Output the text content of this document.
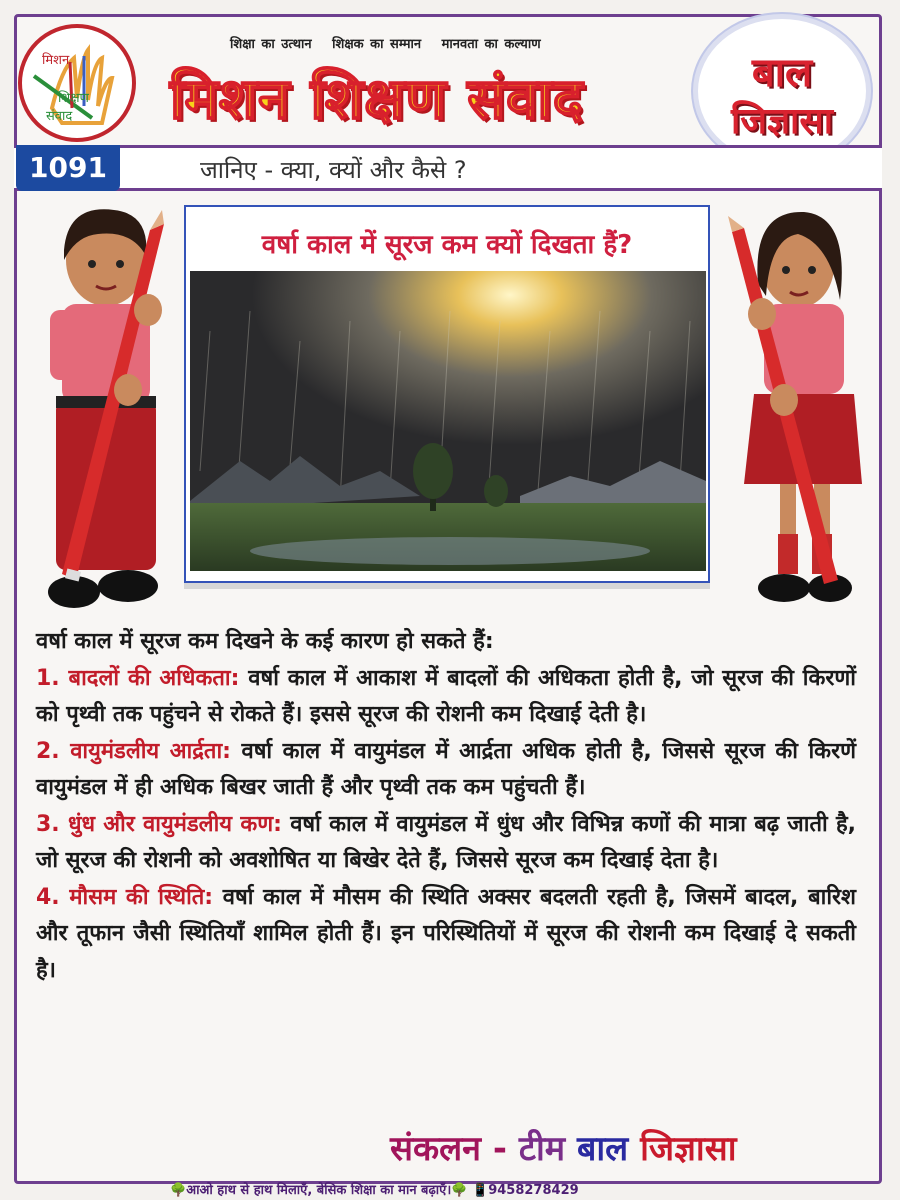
मिशन
शिक्षण
संवाद
शिक्षा का उत्थान शिक्षक का सम्मान मानवता का कल्याण
मिशन शिक्षण संवाद	बाल
जिज्ञासा
1091	जानिए - क्या, क्यों और कैसे ?
वर्षा काल में सूरज कम क्यों दिखता हैं?

वर्षा काल में सूरज कम दिखने के कई कारण हो सकते हैं:

1. बादलों की अधिकता: वर्षा काल में आकाश में बादलों की अधिकता होती है, जो सूरज की किरणों को पृथ्वी तक पहुंचने से रोकते हैं। इससे सूरज की रोशनी कम दिखाई देती है।

2. वायुमंडलीय आर्द्रता: वर्षा काल में वायुमंडल में आर्द्रता अधिक होती है, जिससे सूरज की किरणें वायुमंडल में ही अधिक बिखर जाती हैं और पृथ्वी तक कम पहुंचती हैं।

3. धुंध और वायुमंडलीय कण: वर्षा काल में वायुमंडल में धुंध और विभिन्न कणों की मात्रा बढ़ जाती है, जो सूरज की रोशनी को अवशोषित या बिखेर देते हैं, जिससे सूरज कम दिखाई देता है।

4. मौसम की स्थिति: वर्षा काल में मौसम की स्थिति अक्सर बदलती रहती है, जिसमें बादल, बारिश और तूफान जैसी स्थितियाँ शामिल होती हैं। इन परिस्थितियों में सूरज की रोशनी कम दिखाई दे सकती है।

संकलन - टीम बाल जिज्ञासा
🌳आओ हाथ से हाथ मिलाएँ, बेसिक शिक्षा का मान बढ़ाएँ।🌳 📱9458278429
